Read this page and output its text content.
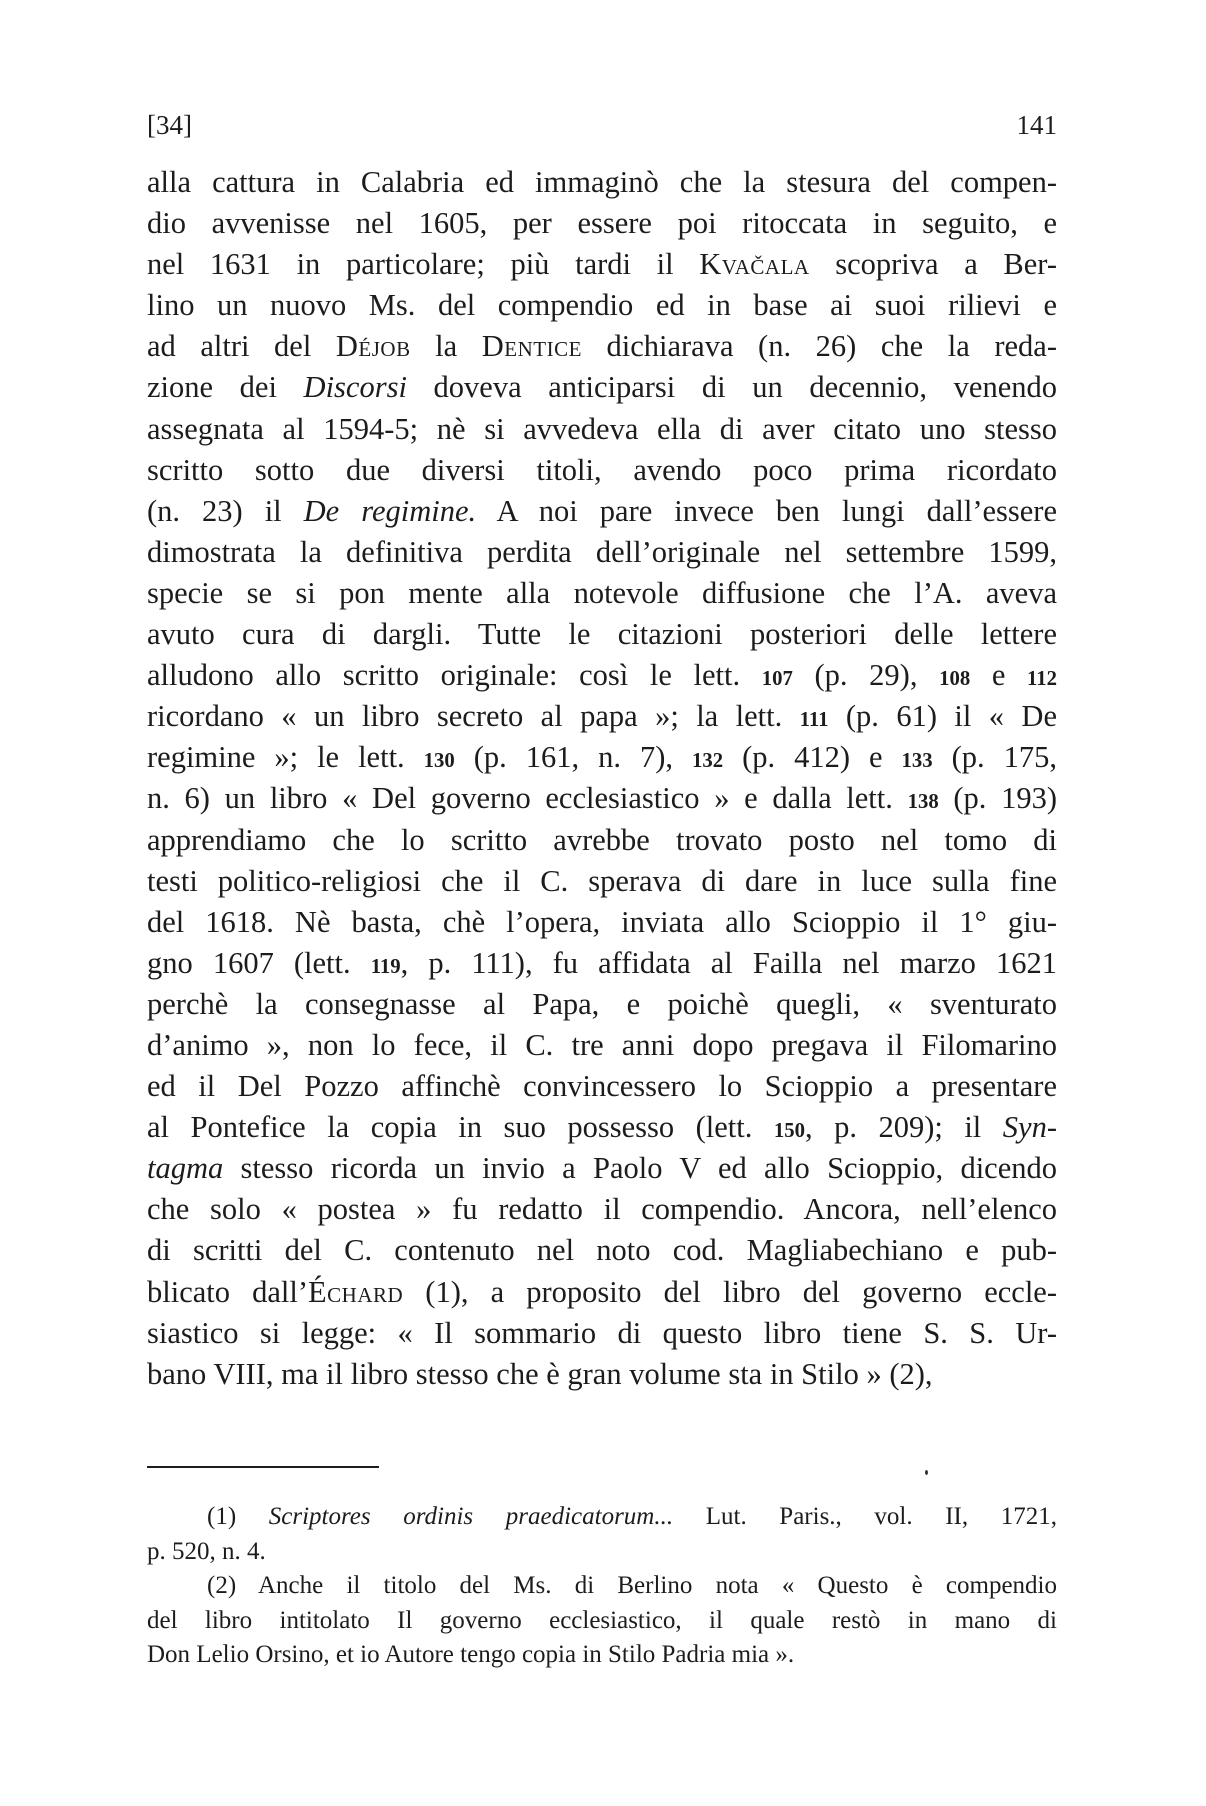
[34]	141
alla cattura in Calabria ed immaginò che la stesura del compen-
dio avvenisse nel 1605, per essere poi ritoccata in seguito, e
nel 1631 in particolare; più tardi il Kvačala scopriva a Ber-
lino un nuovo Ms. del compendio ed in base ai suoi rilievi e
ad altri del Déjob la Dentice dichiarava (n. 26) che la reda-
zione dei Discorsi doveva anticiparsi di un decennio, venendo
assegnata al 1594-5; nè si avvedeva ella di aver citato uno stesso
scritto sotto due diversi titoli, avendo poco prima ricordato
(n. 23) il De regimine. A noi pare invece ben lungi dall’essere
dimostrata la definitiva perdita dell’originale nel settembre 1599,
specie se si pon mente alla notevole diffusione che l’A. aveva
avuto cura di dargli. Tutte le citazioni posteriori delle lettere
alludono allo scritto originale: così le lett. 107 (p. 29), 108 e 112
ricordano « un libro secreto al papa »; la lett. 111 (p. 61) il « De
regimine »; le lett. 130 (p. 161, n. 7), 132 (p. 412) e 133 (p. 175,
n. 6) un libro « Del governo ecclesiastico » e dalla lett. 138 (p. 193)
apprendiamo che lo scritto avrebbe trovato posto nel tomo di
testi politico-religiosi che il C. sperava di dare in luce sulla fine
del 1618. Nè basta, chè l’opera, inviata allo Scioppio il 1° giu-
gno 1607 (lett. 119, p. 111), fu affidata al Failla nel marzo 1621
perchè la consegnasse al Papa, e poichè quegli, « sventurato
d’animo », non lo fece, il C. tre anni dopo pregava il Filomarino
ed il Del Pozzo affinchè convincessero lo Scioppio a presentare
al Pontefice la copia in suo possesso (lett. 150, p. 209); il Syn-
tagma stesso ricorda un invio a Paolo V ed allo Scioppio, dicendo
che solo « postea » fu redatto il compendio. Ancora, nell’elenco
di scritti del C. contenuto nel noto cod. Magliabechiano e pub-
blicato dall’Échard (1), a proposito del libro del governo eccle-
siastico si legge: « Il sommario di questo libro tiene S. S. Ur-
bano VIII, ma il libro stesso che è gran volume sta in Stilo » (2),
(1) Scriptores ordinis praedicatorum... Lut. Paris., vol. II, 1721,
p. 520, n. 4.
(2) Anche il titolo del Ms. di Berlino nota « Questo è compendio
del libro intitolato Il governo ecclesiastico, il quale restò in mano di
Don Lelio Orsino, et io Autore tengo copia in Stilo Padria mia ».
